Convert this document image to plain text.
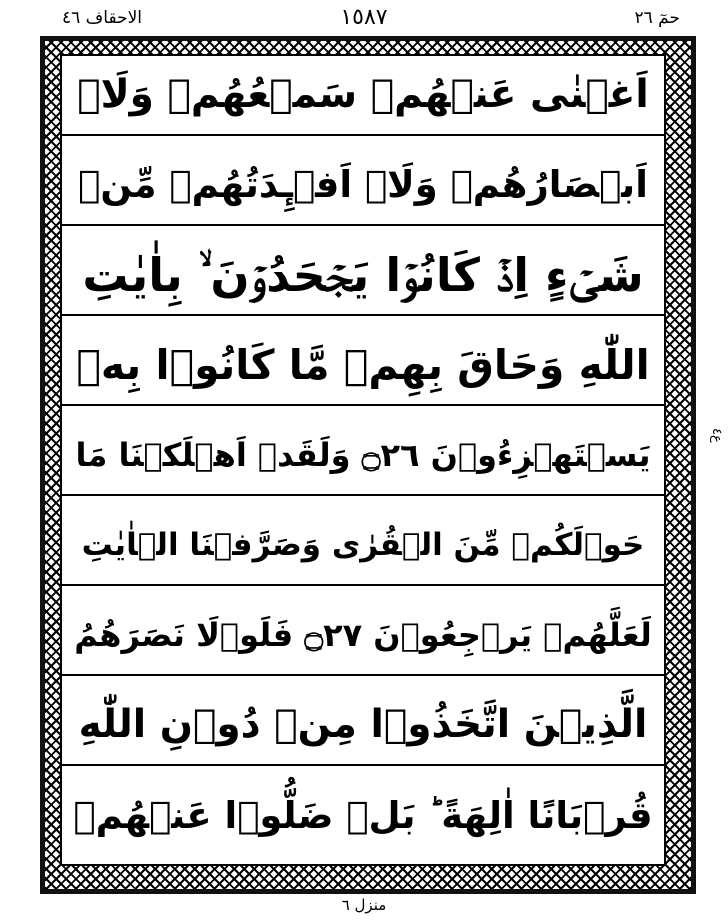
الاحقاف ٤٦	١٥٨٧	حمٓ ٢٦
اَغۡنٰى عَنۡهُمۡ سَمۡعُهُمۡ وَلَاۤ
اَبۡصَارُهُمۡ وَلَاۤ اَفۡـِٕدَتُهُمۡ مِّنۡ
شَىۡءٍ اِذۡ كَانُوۡا يَجۡحَدُوۡنَ ۙ بِاٰيٰتِ
اللّٰهِ وَحَاقَ بِهِمۡ مَّا كَانُوۡا بِهٖ
يَسۡتَهۡزِءُوۡنَ ۝٢٦ وَلَقَدۡ اَهۡلَكۡنَا مَا
حَوۡلَكُمۡ مِّنَ الۡقُرٰى وَصَرَّفۡنَا الۡاٰيٰتِ
لَعَلَّهُمۡ يَرۡجِعُوۡنَ ۝٢٧ فَلَوۡلَا نَصَرَهُمُ
الَّذِيۡنَ اتَّخَذُوۡا مِنۡ دُوۡنِ اللّٰهِ
قُرۡبَانًا اٰلِهَةً ؕ بَلۡ ضَلُّوۡا عَنۡهُمۡ
ع٤
منزل ٦
